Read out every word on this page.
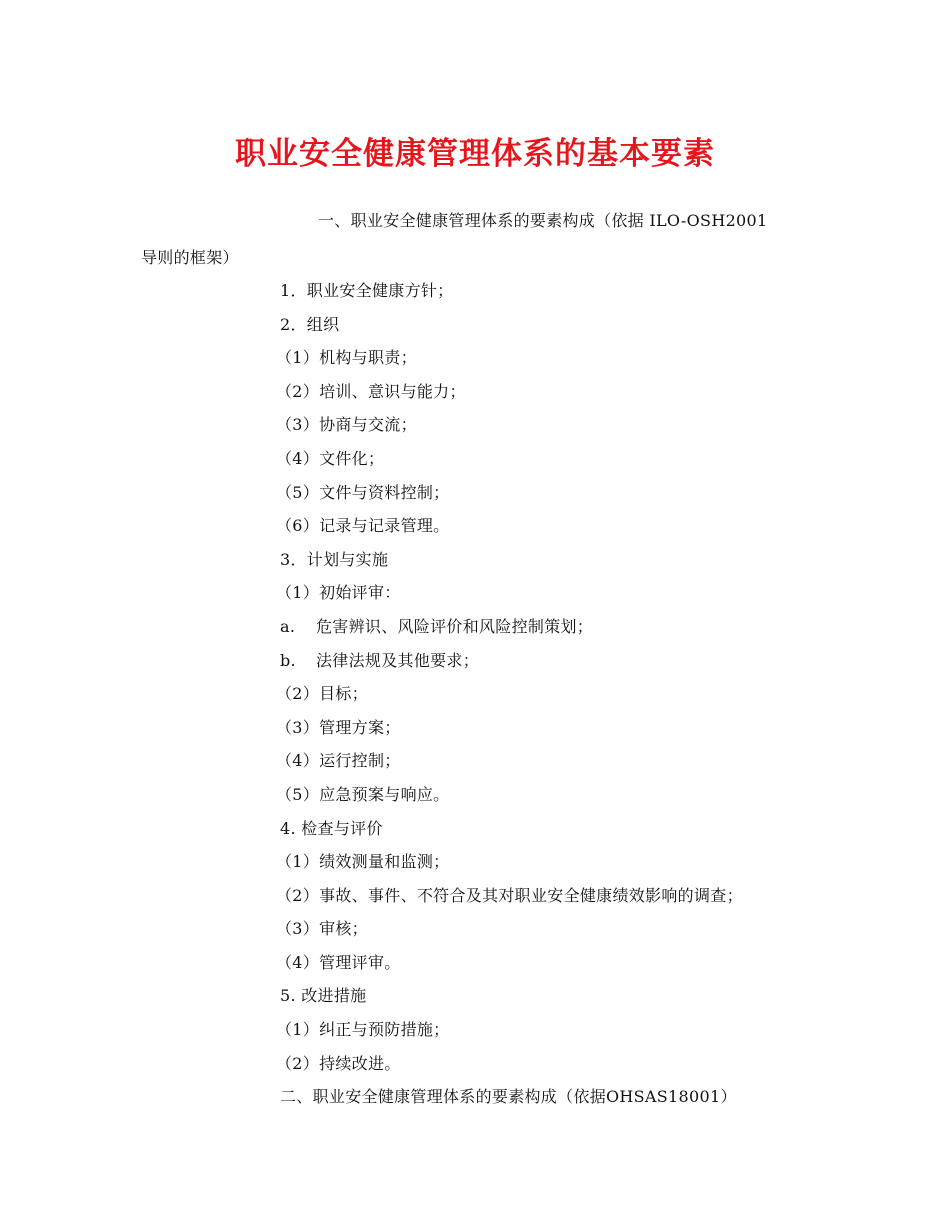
职业安全健康管理体系的基本要素
一、职业安全健康管理体系的要素构成（依据 ILO-OSH2001
导则的框架）
1．职业安全健康方针；
2．组织
（1）机构与职责；
（2）培训、意识与能力；
（3）协商与交流；
（4）文件化；
（5）文件与资料控制；
（6）记录与记录管理。
3．计划与实施
（1）初始评审：
a. 危害辨识、风险评价和风险控制策划；
b. 法律法规及其他要求；
（2）目标；
（3）管理方案；
（4）运行控制；
（5）应急预案与响应。
4. 检查与评价
（1）绩效测量和监测；
（2）事故、事件、不符合及其对职业安全健康绩效影响的调查；
（3）审核；
（4）管理评审。
5. 改进措施
（1）纠正与预防措施；
（2）持续改进。
二、职业安全健康管理体系的要素构成（依据OHSAS18001）
